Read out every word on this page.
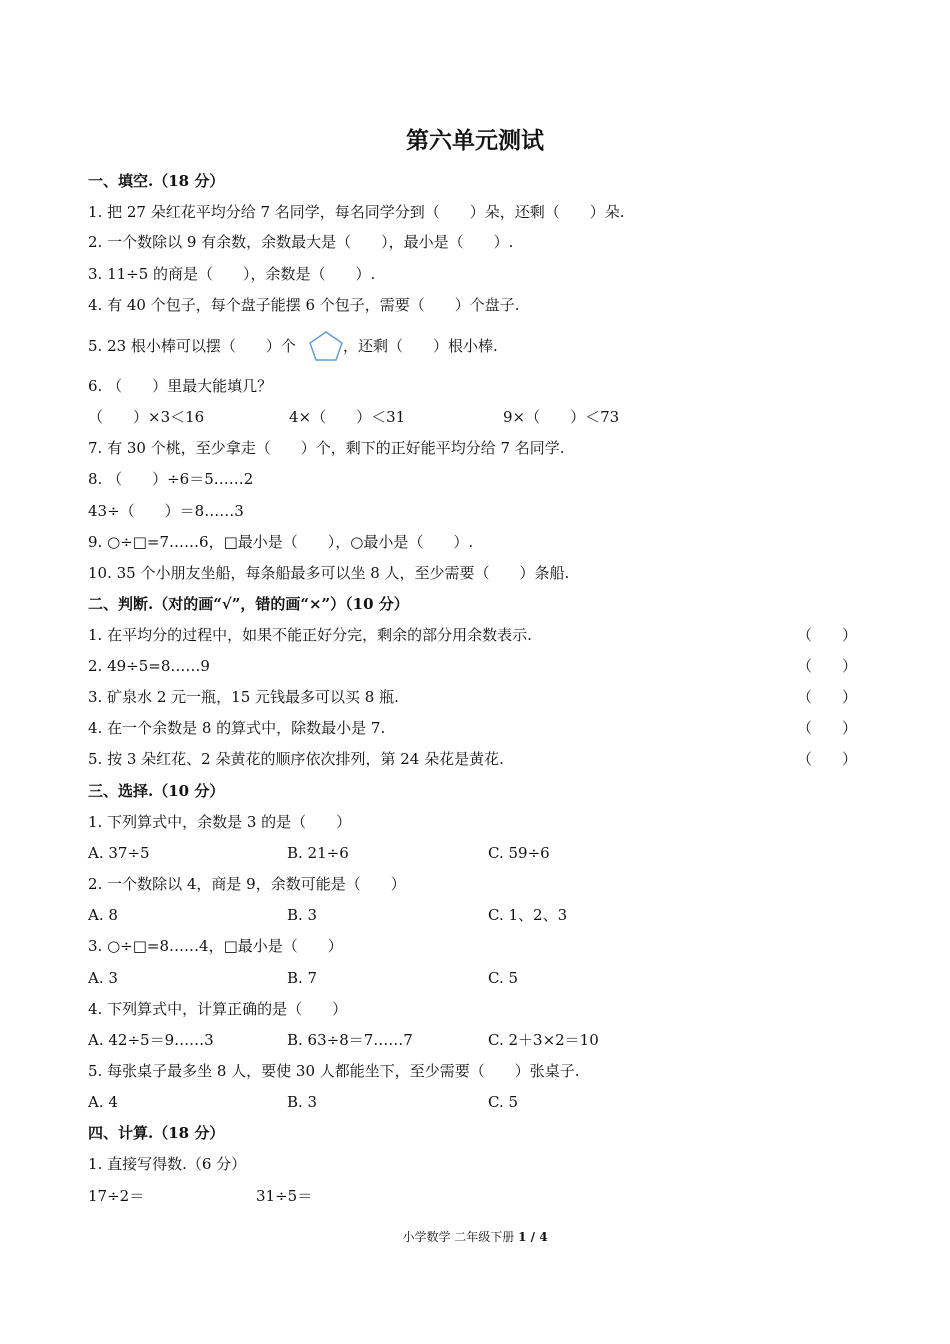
第六单元测试
一、填空.（18 分）
1. 把 27 朵红花平均分给 7 名同学，每名同学分到（　　）朵，还剩（　　）朵.
2. 一个数除以 9 有余数，余数最大是（　　），最小是（　　）.
3. 11÷5 的商是（　　），余数是（　　）.
4. 有 40 个包子，每个盘子能摆 6 个包子，需要（　　）个盘子.
5. 23 根小棒可以摆（　　）个	，还剩（　　）根小棒.
6. （　　）里最大能填几？
（　　）×3＜16	4×（　　）＜31	9×（　　）＜73
7. 有 30 个桃，至少拿走（　　）个，剩下的正好能平均分给 7 名同学.
8. （　　）÷6＝5……2
43÷（　　）＝8……3
9. ○÷□=7……6，□最小是（　　），○最小是（　　）.
10. 35 个小朋友坐船，每条船最多可以坐 8 人，至少需要（　　）条船.
二、判断.（对的画“√”，错的画“×”）（10 分）
1. 在平均分的过程中，如果不能正好分完，剩余的部分用余数表示.	（　　）
2. 49÷5=8……9	（　　）
3. 矿泉水 2 元一瓶，15 元钱最多可以买 8 瓶.	（　　）
4. 在一个余数是 8 的算式中，除数最小是 7.	（　　）
5. 按 3 朵红花、2 朵黄花的顺序依次排列，第 24 朵花是黄花.	（　　）
三、选择.（10 分）
1. 下列算式中，余数是 3 的是（　　）
A. 37÷5	B. 21÷6	C. 59÷6
2. 一个数除以 4，商是 9，余数可能是（　　）
A. 8	B. 3	C. 1、2、3
3. ○÷□=8……4，□最小是（　　）
A. 3	B. 7	C. 5
4. 下列算式中，计算正确的是（　　）
A. 42÷5＝9……3	B. 63÷8＝7……7	C. 2＋3×2＝10
5. 每张桌子最多坐 8 人，要使 30 人都能坐下，至少需要（　　）张桌子.
A. 4	B. 3	C. 5
四、计算.（18 分）
1. 直接写得数.（6 分）
17÷2＝	31÷5＝
小学数学 二年级下册 1 / 4
